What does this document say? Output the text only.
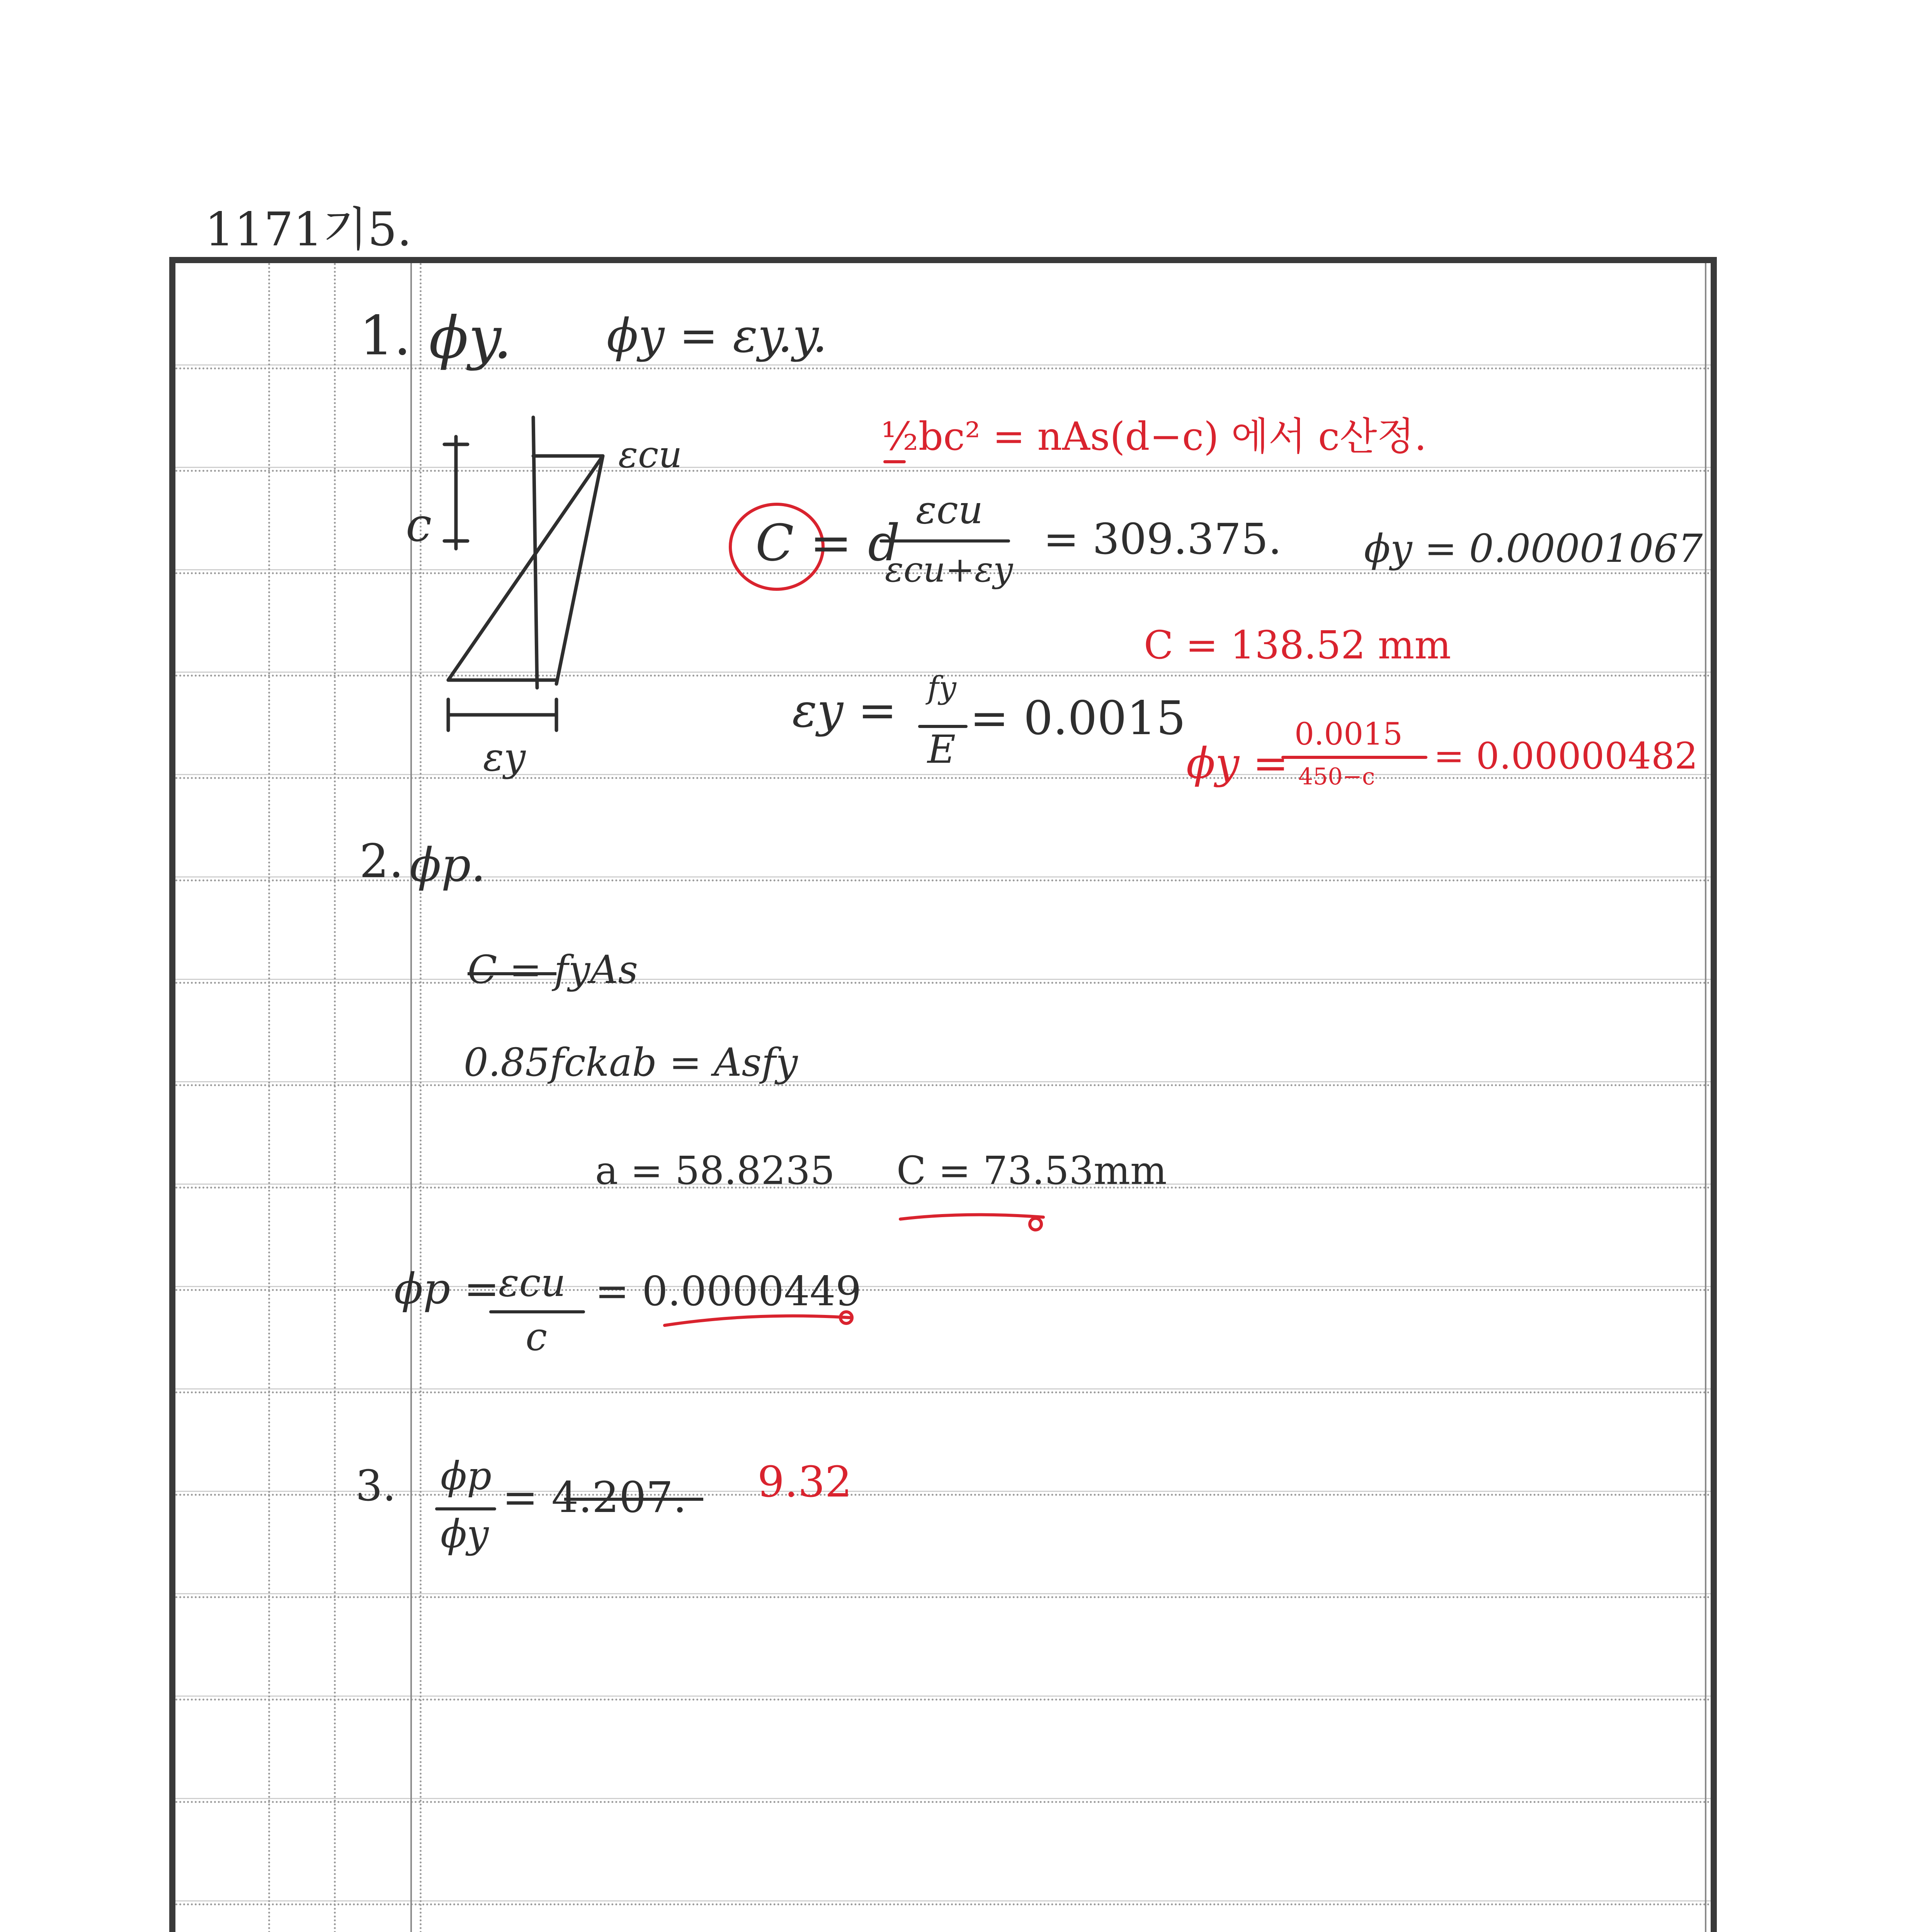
1171기5.
1. ϕy. ϕy = εy.y.
εcu
c
εy
½bc² = nAs(d−c) 에서 c산정.
C = d
εcu
εcu+εy
= 309.375. ϕy = 0.00001067
C = 138.52 mm
εy = fy
E
= 0.0015
ϕy =
0.0015
450−c = 0.00000482
2. ϕp.
C = fyAs
0.85fckab = Asfy
a = 58.8235 C = 73.53mm
ϕp =
εcu
c
= 0.0000449
3. ϕp
ϕy
= 4.207. 9.32
